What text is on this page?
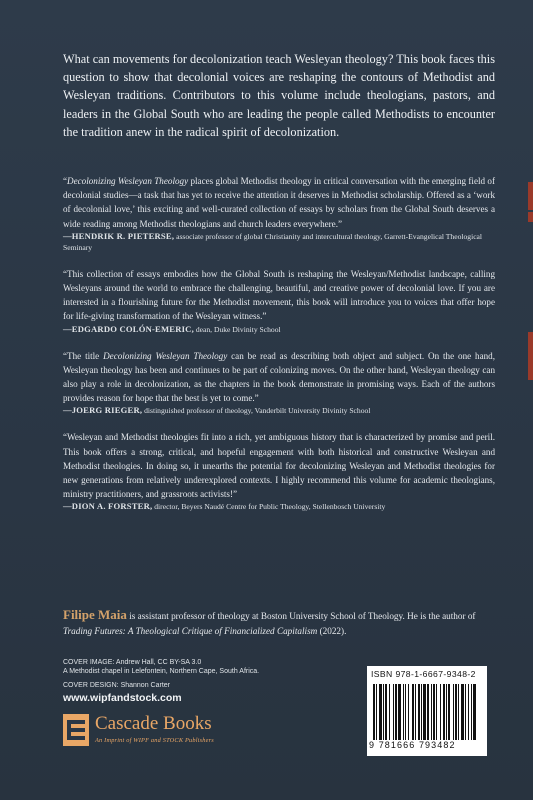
What can movements for decolonization teach Wesleyan theology? This book faces this question to show that decolonial voices are reshaping the contours of Methodist and Wesleyan traditions. Contributors to this volume include theologians, pastors, and leaders in the Global South who are leading the people called Methodists to encounter the tradition anew in the radical spirit of decolonization.

“Decolonizing Wesleyan Theology places global Methodist theology in critical conversation with the emerging field of decolonial studies—a task that has yet to receive the attention it deserves in Methodist scholarship. Offered as a ‘work of decolonial love,’ this exciting and well-curated collection of essays by scholars from the Global South deserves a wide reading among Methodist theologians and church leaders everywhere.”

—HENDRIK R. PIETERSE, associate professor of global Christianity and intercultural theology, Garrett-Evangelical Theological Seminary

“This collection of essays embodies how the Global South is reshaping the Wesleyan/Methodist landscape, calling Wesleyans around the world to embrace the challenging, beautiful, and creative power of decolonial love. If you are interested in a flourishing future for the Methodist movement, this book will introduce you to voices that offer hope for life-giving transformation of the Wesleyan witness.”

—EDGARDO COLÓN-EMERIC, dean, Duke Divinity School

“The title Decolonizing Wesleyan Theology can be read as describing both object and subject. On the one hand, Wesleyan theology has been and continues to be part of colonizing moves. On the other hand, Wesleyan theology can also play a role in decolonization, as the chapters in the book demonstrate in promising ways. Each of the authors provides reason for hope that the best is yet to come.”

—JOERG RIEGER, distinguished professor of theology, Vanderbilt University Divinity School

“Wesleyan and Methodist theologies fit into a rich, yet ambiguous history that is characterized by promise and peril. This book offers a strong, critical, and hopeful engagement with both historical and constructive Wesleyan and Methodist theologies. In doing so, it unearths the potential for decolonizing Wesleyan and Methodist theologies for new generations from relatively underexplored contexts. I highly recommend this volume for academic theologians, ministry practitioners, and grassroots activists!”

—DION A. FORSTER, director, Beyers Naudé Centre for Public Theology, Stellenbosch University

Filipe Maia is assistant professor of theology at Boston University School of Theology. He is the author of Trading Futures: A Theological Critique of Financialized Capitalism (2022).

COVER IMAGE: Andrew Hall, CC BY-SA 3.0
A Methodist chapel in Lelefontein, Northern Cape, South Africa.
COVER DESIGN: Shannon Carter
www.wipfandstock.com
Cascade Books
An Imprint of WIPF and STOCK Publishers
ISBN 978-1-6667-9348-2
9 781666 793482
